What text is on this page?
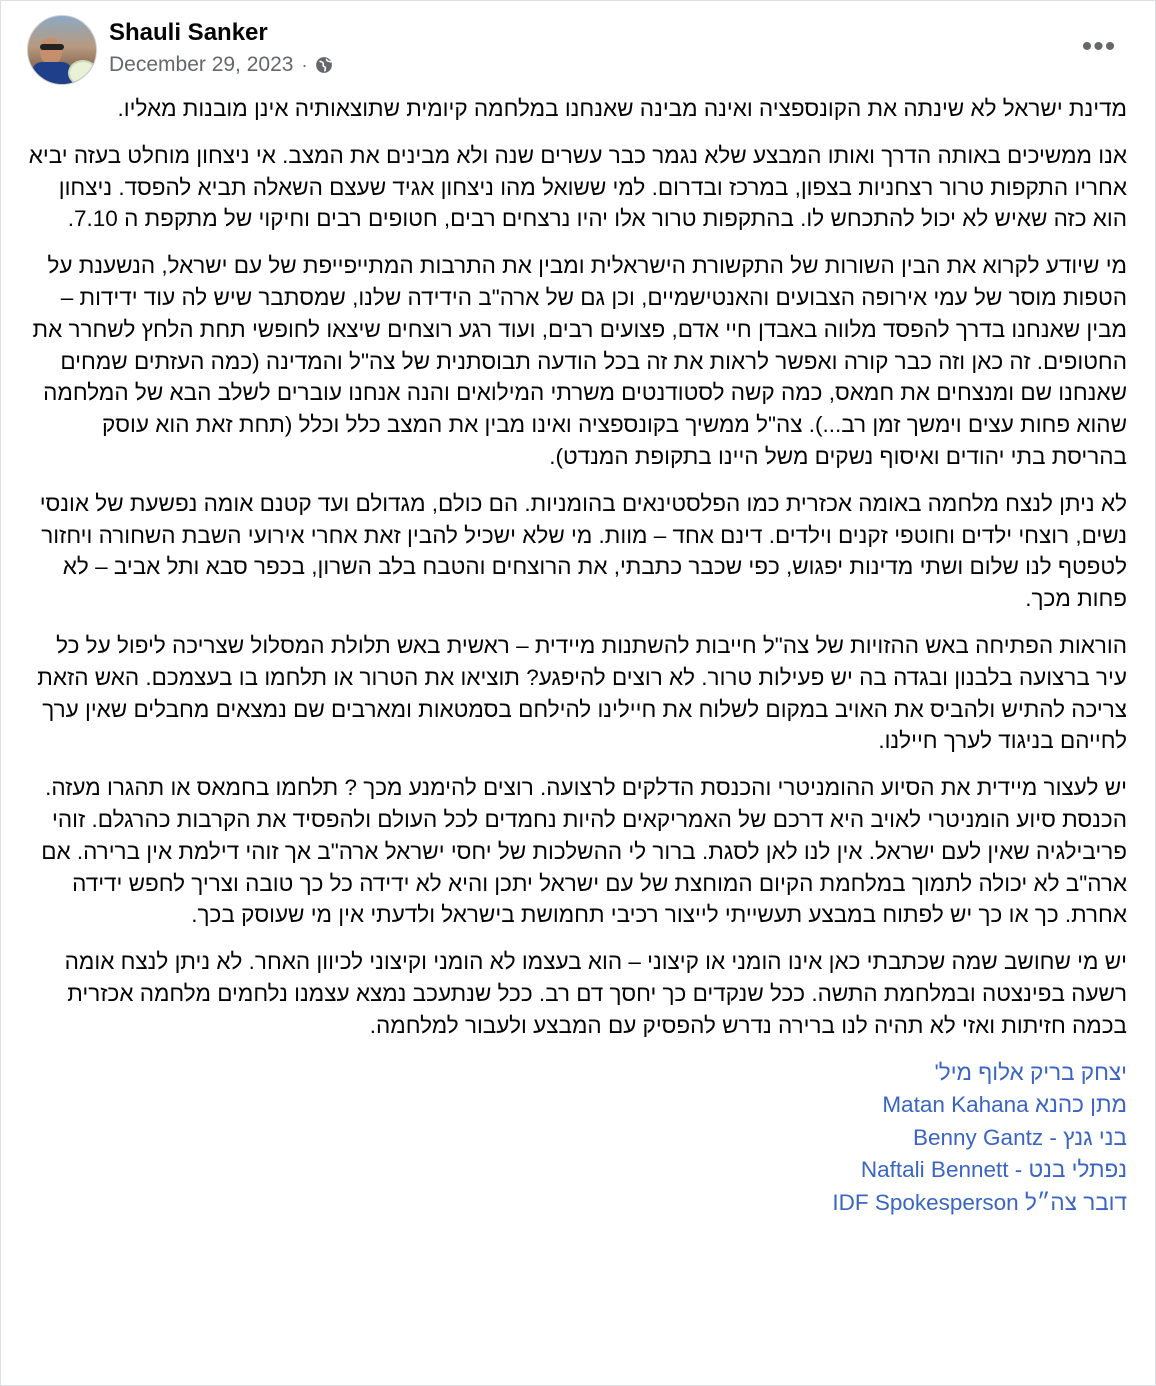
Shauli Sanker
December 29, 2023 ·
•••

מדינת ישראל לא שינתה את הקונספציה ואינה מבינה שאנחנו במלחמה קיומית שתוצאותיה אינן מובנות מאליו.

אנו ממשיכים באותה הדרך ואותו המבצע שלא נגמר כבר עשרים שנה ולא מבינים את המצב. אי ניצחון מוחלט בעזה יביא אחריו התקפות טרור רצחניות בצפון, במרכז ובדרום. למי ששואל מהו ניצחון אגיד שעצם השאלה תביא להפסד. ניצחון הוא כזה שאיש לא יכול להתכחש לו. בהתקפות טרור אלו יהיו נרצחים רבים, חטופים רבים וחיקוי של מתקפת ה 7.10.

מי שיודע לקרוא את הבין השורות של התקשורת הישראלית ומבין את התרבות המתייפייפת של עם ישראל, הנשענת על הטפות מוסר של עמי אירופה הצבועים והאנטישמיים, וכן גם של ארה"ב הידידה שלנו, שמסתבר שיש לה עוד ידידות – מבין שאנחנו בדרך להפסד מלווה באבדן חיי אדם, פצועים רבים, ועוד רגע רוצחים שיצאו לחופשי תחת הלחץ לשחרר את החטופים. זה כאן וזה כבר קורה ואפשר לראות את זה בכל הודעה תבוסתנית של צה"ל והמדינה (כמה העזתים שמחים שאנחנו שם ומנצחים את חמאס, כמה קשה לסטודנטים משרתי המילואים והנה אנחנו עוברים לשלב הבא של המלחמה שהוא פחות עצים וימשך זמן רב...). צה"ל ממשיך בקונספציה ואינו מבין את המצב כלל וכלל (תחת זאת הוא עוסק בהריסת בתי יהודים ואיסוף נשקים משל היינו בתקופת המנדט).

לא ניתן לנצח מלחמה באומה אכזרית כמו הפלסטינאים בהומניות. הם כולם, מגדולם ועד קטנם אומה נפשעת של אונסי נשים, רוצחי ילדים וחוטפי זקנים וילדים. דינם אחד – מוות. מי שלא ישכיל להבין זאת אחרי אירועי השבת השחורה ויחזור לטפטף לנו שלום ושתי מדינות יפגוש, כפי שכבר כתבתי, את הרוצחים והטבח בלב השרון, בכפר סבא ותל אביב – לא פחות מכך.

הוראות הפתיחה באש ההזויות של צה"ל חייבות להשתנות מיידית – ראשית באש תלולת המסלול שצריכה ליפול על כל עיר ברצועה בלבנון ובגדה בה יש פעילות טרור. לא רוצים להיפגע? תוציאו את הטרור או תלחמו בו בעצמכם. האש הזאת צריכה להתיש ולהביס את האויב במקום לשלוח את חיילינו להילחם בסמטאות ומארבים שם נמצאים מחבלים שאין ערך לחייהם בניגוד לערך חיילנו.

יש לעצור מיידית את הסיוע ההומניטרי והכנסת הדלקים לרצועה. רוצים להימנע מכך ? תלחמו בחמאס או תהגרו מעזה. הכנסת סיוע הומניטרי לאויב היא דרכם של האמריקאים להיות נחמדים לכל העולם ולהפסיד את הקרבות כהרגלם. זוהי פריבילגיה שאין לעם ישראל. אין לנו לאן לסגת. ברור לי ההשלכות של יחסי ישראל ארה"ב אך זוהי דילמת אין ברירה. אם ארה"ב לא יכולה לתמוך במלחמת הקיום המוחצת של עם ישראל יתכן והיא לא ידידה כל כך טובה וצריך לחפש ידידה אחרת. כך או כך יש לפתוח במבצע תעשייתי לייצור רכיבי תחמושת בישראל ולדעתי אין מי שעוסק בכך.

יש מי שחושב שמה שכתבתי כאן אינו הומני או קיצוני – הוא בעצמו לא הומני וקיצוני לכיוון האחר. לא ניתן לנצח אומה רשעה בפינצטה ובמלחמת התשה. ככל שנקדים כך יחסך דם רב. ככל שנתעכב נמצא עצמנו נלחמים מלחמה אכזרית בכמה חזיתות ואזי לא תהיה לנו ברירה נדרש להפסיק עם המבצע ולעבור למלחמה.

יצחק בריק אלוף מיל'
מתן כהנא Matan Kahana
בני גנץ - Benny Gantz
נפתלי בנט - Naftali Bennett
דובר צה״ל IDF Spokesperson
